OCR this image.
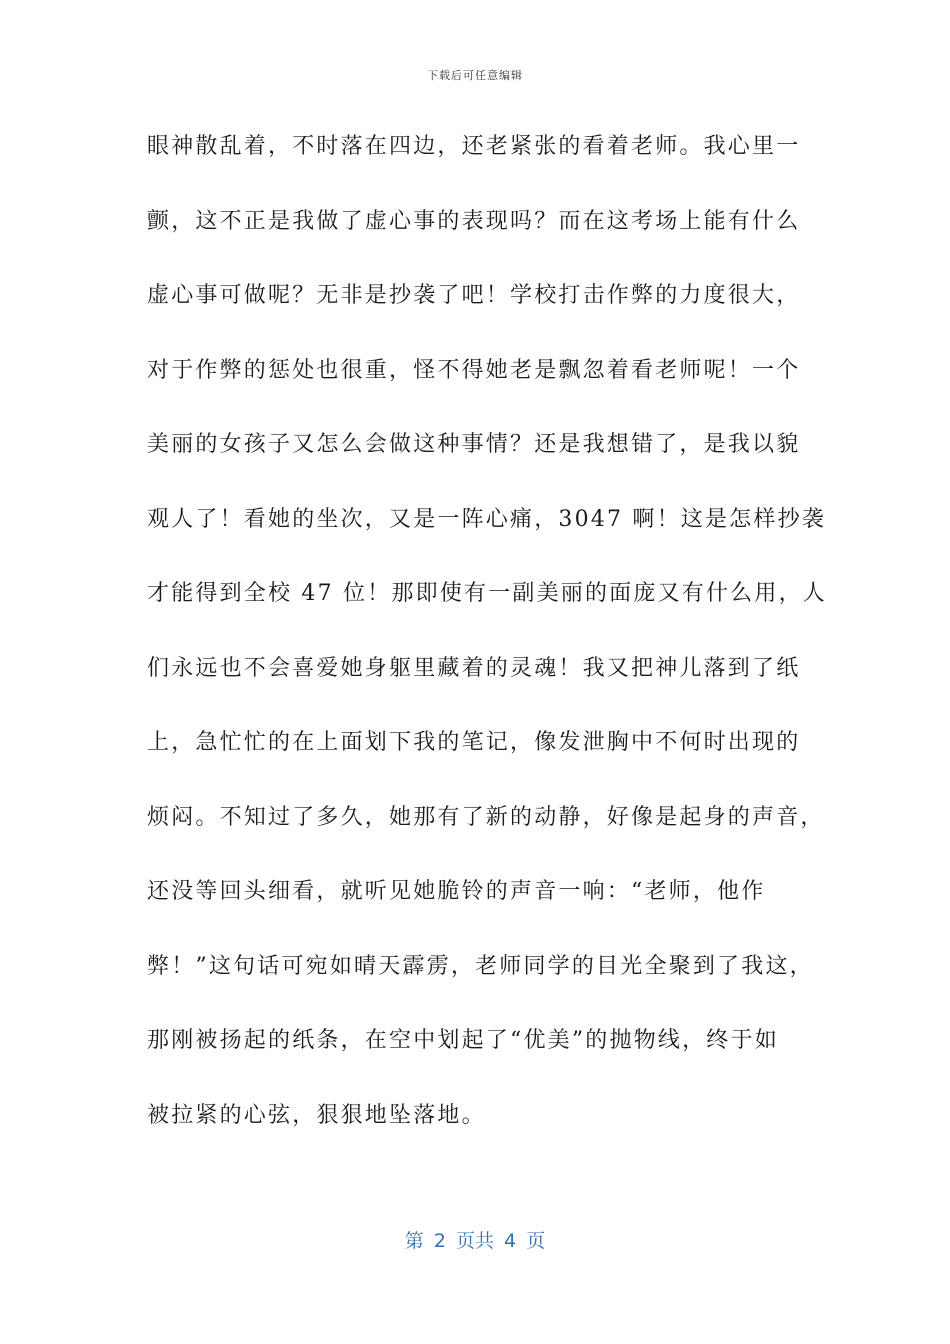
下载后可任意编辑
眼神散乱着，不时落在四边，还老紧张的看着老师。我心里一
颤，这不正是我做了虚心事的表现吗？而在这考场上能有什么
虚心事可做呢？无非是抄袭了吧！学校打击作弊的力度很大，
对于作弊的惩处也很重，怪不得她老是飘忽着看老师呢！一个
美丽的女孩子又怎么会做这种事情？还是我想错了，是我以貌
观人了！看她的坐次，又是一阵心痛，3047 啊！这是怎样抄袭
才能得到全校 47 位！那即使有一副美丽的面庞又有什么用，人
们永远也不会喜爱她身躯里藏着的灵魂！我又把神儿落到了纸
上，急忙忙的在上面划下我的笔记，像发泄胸中不何时出现的
烦闷。不知过了多久，她那有了新的动静，好像是起身的声音，
还没等回头细看，就听见她脆铃的声音一响：“老师，他作
弊！”这句话可宛如晴天霹雳，老师同学的目光全聚到了我这，
那刚被扬起的纸条，在空中划起了“优美”的抛物线，终于如
被拉紧的心弦，狠狠地坠落地。
第 2 页共 4 页
